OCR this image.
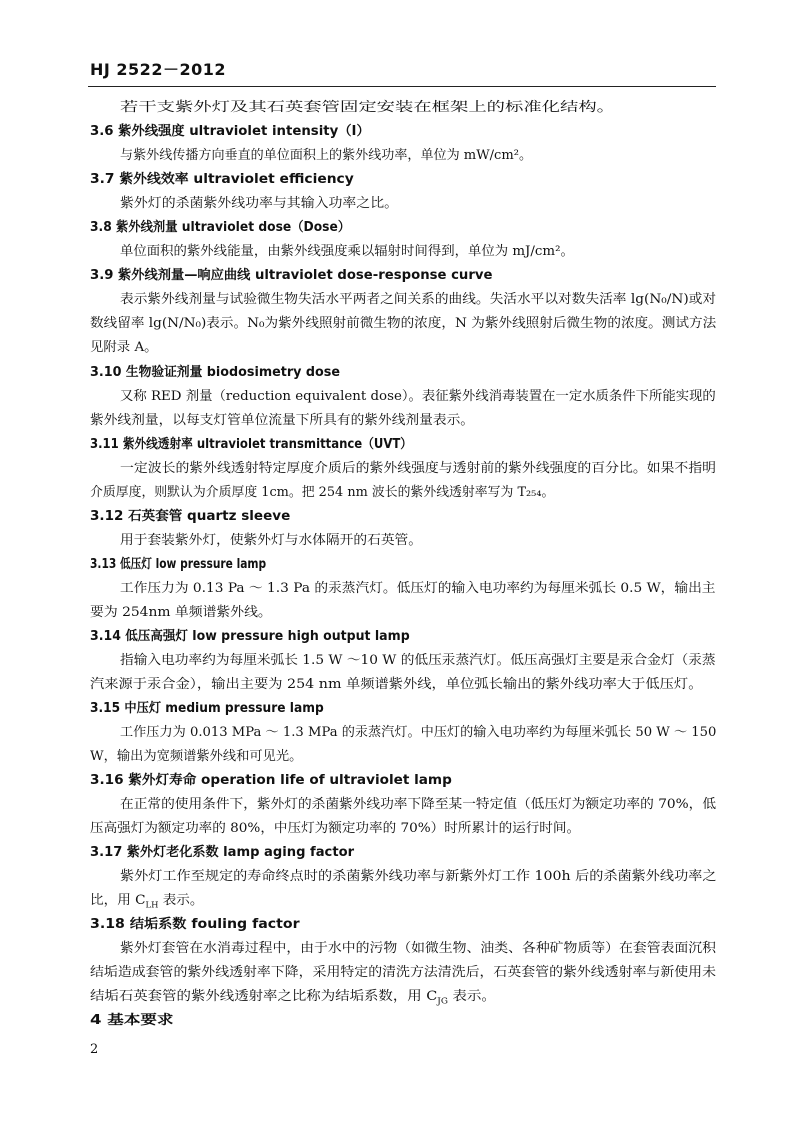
HJ 2522－2012
若干支紫外灯及其石英套管固定安装在框架上的标准化结构。
3.6 紫外线强度 ultraviolet intensity（I）
与紫外线传播方向垂直的单位面积上的紫外线功率，单位为 mW/cm²。
3.7 紫外线效率 ultraviolet efficiency
紫外灯的杀菌紫外线功率与其输入功率之比。
3.8 紫外线剂量 ultraviolet dose（Dose）
单位面积的紫外线能量，由紫外线强度乘以辐射时间得到，单位为 mJ/cm²。
3.9 紫外线剂量—响应曲线 ultraviolet dose-response curve
表示紫外线剂量与试验微生物失活水平两者之间关系的曲线。失活水平以对数失活率 lg(N₀/N)或对
数线留率 lg(N/N₀)表示。N₀为紫外线照射前微生物的浓度，N 为紫外线照射后微生物的浓度。测试方法
见附录 A。
3.10 生物验证剂量 biodosimetry dose
又称 RED 剂量（reduction equivalent dose）。表征紫外线消毒装置在一定水质条件下所能实现的
紫外线剂量，以每支灯管单位流量下所具有的紫外线剂量表示。
3.11 紫外线透射率 ultraviolet transmittance（UVT）
一定波长的紫外线透射特定厚度介质后的紫外线强度与透射前的紫外线强度的百分比。如果不指明
介质厚度，则默认为介质厚度 1cm。把 254 nm 波长的紫外线透射率写为 T₂₅₄。
3.12 石英套管 quartz sleeve
用于套装紫外灯，使紫外灯与水体隔开的石英管。
3.13 低压灯 low pressure lamp
工作压力为 0.13 Pa ～ 1.3 Pa 的汞蒸汽灯。低压灯的输入电功率约为每厘米弧长 0.5 W，输出主
要为 254nm 单频谱紫外线。
3.14 低压高强灯 low pressure high output lamp
指输入电功率约为每厘米弧长 1.5 W ～10 W 的低压汞蒸汽灯。低压高强灯主要是汞合金灯（汞蒸
汽来源于汞合金），输出主要为 254 nm 单频谱紫外线，单位弧长输出的紫外线功率大于低压灯。
3.15 中压灯 medium pressure lamp
工作压力为 0.013 MPa ～ 1.3 MPa 的汞蒸汽灯。中压灯的输入电功率约为每厘米弧长 50 W ～ 150
W，输出为宽频谱紫外线和可见光。
3.16 紫外灯寿命 operation life of ultraviolet lamp
在正常的使用条件下，紫外灯的杀菌紫外线功率下降至某一特定值（低压灯为额定功率的 70%，低
压高强灯为额定功率的 80%，中压灯为额定功率的 70%）时所累计的运行时间。
3.17 紫外灯老化系数 lamp aging factor
紫外灯工作至规定的寿命终点时的杀菌紫外线功率与新紫外灯工作 100h 后的杀菌紫外线功率之
比，用 $C_{LH}$ 表示。
3.18 结垢系数 fouling factor
紫外灯套管在水消毒过程中，由于水中的污物（如微生物、油类、各种矿物质等）在套管表面沉积
结垢造成套管的紫外线透射率下降，采用特定的清洗方法清洗后，石英套管的紫外线透射率与新使用未
结垢石英套管的紫外线透射率之比称为结垢系数，用 $C_{JG}$ 表示。
4 基本要求
2
